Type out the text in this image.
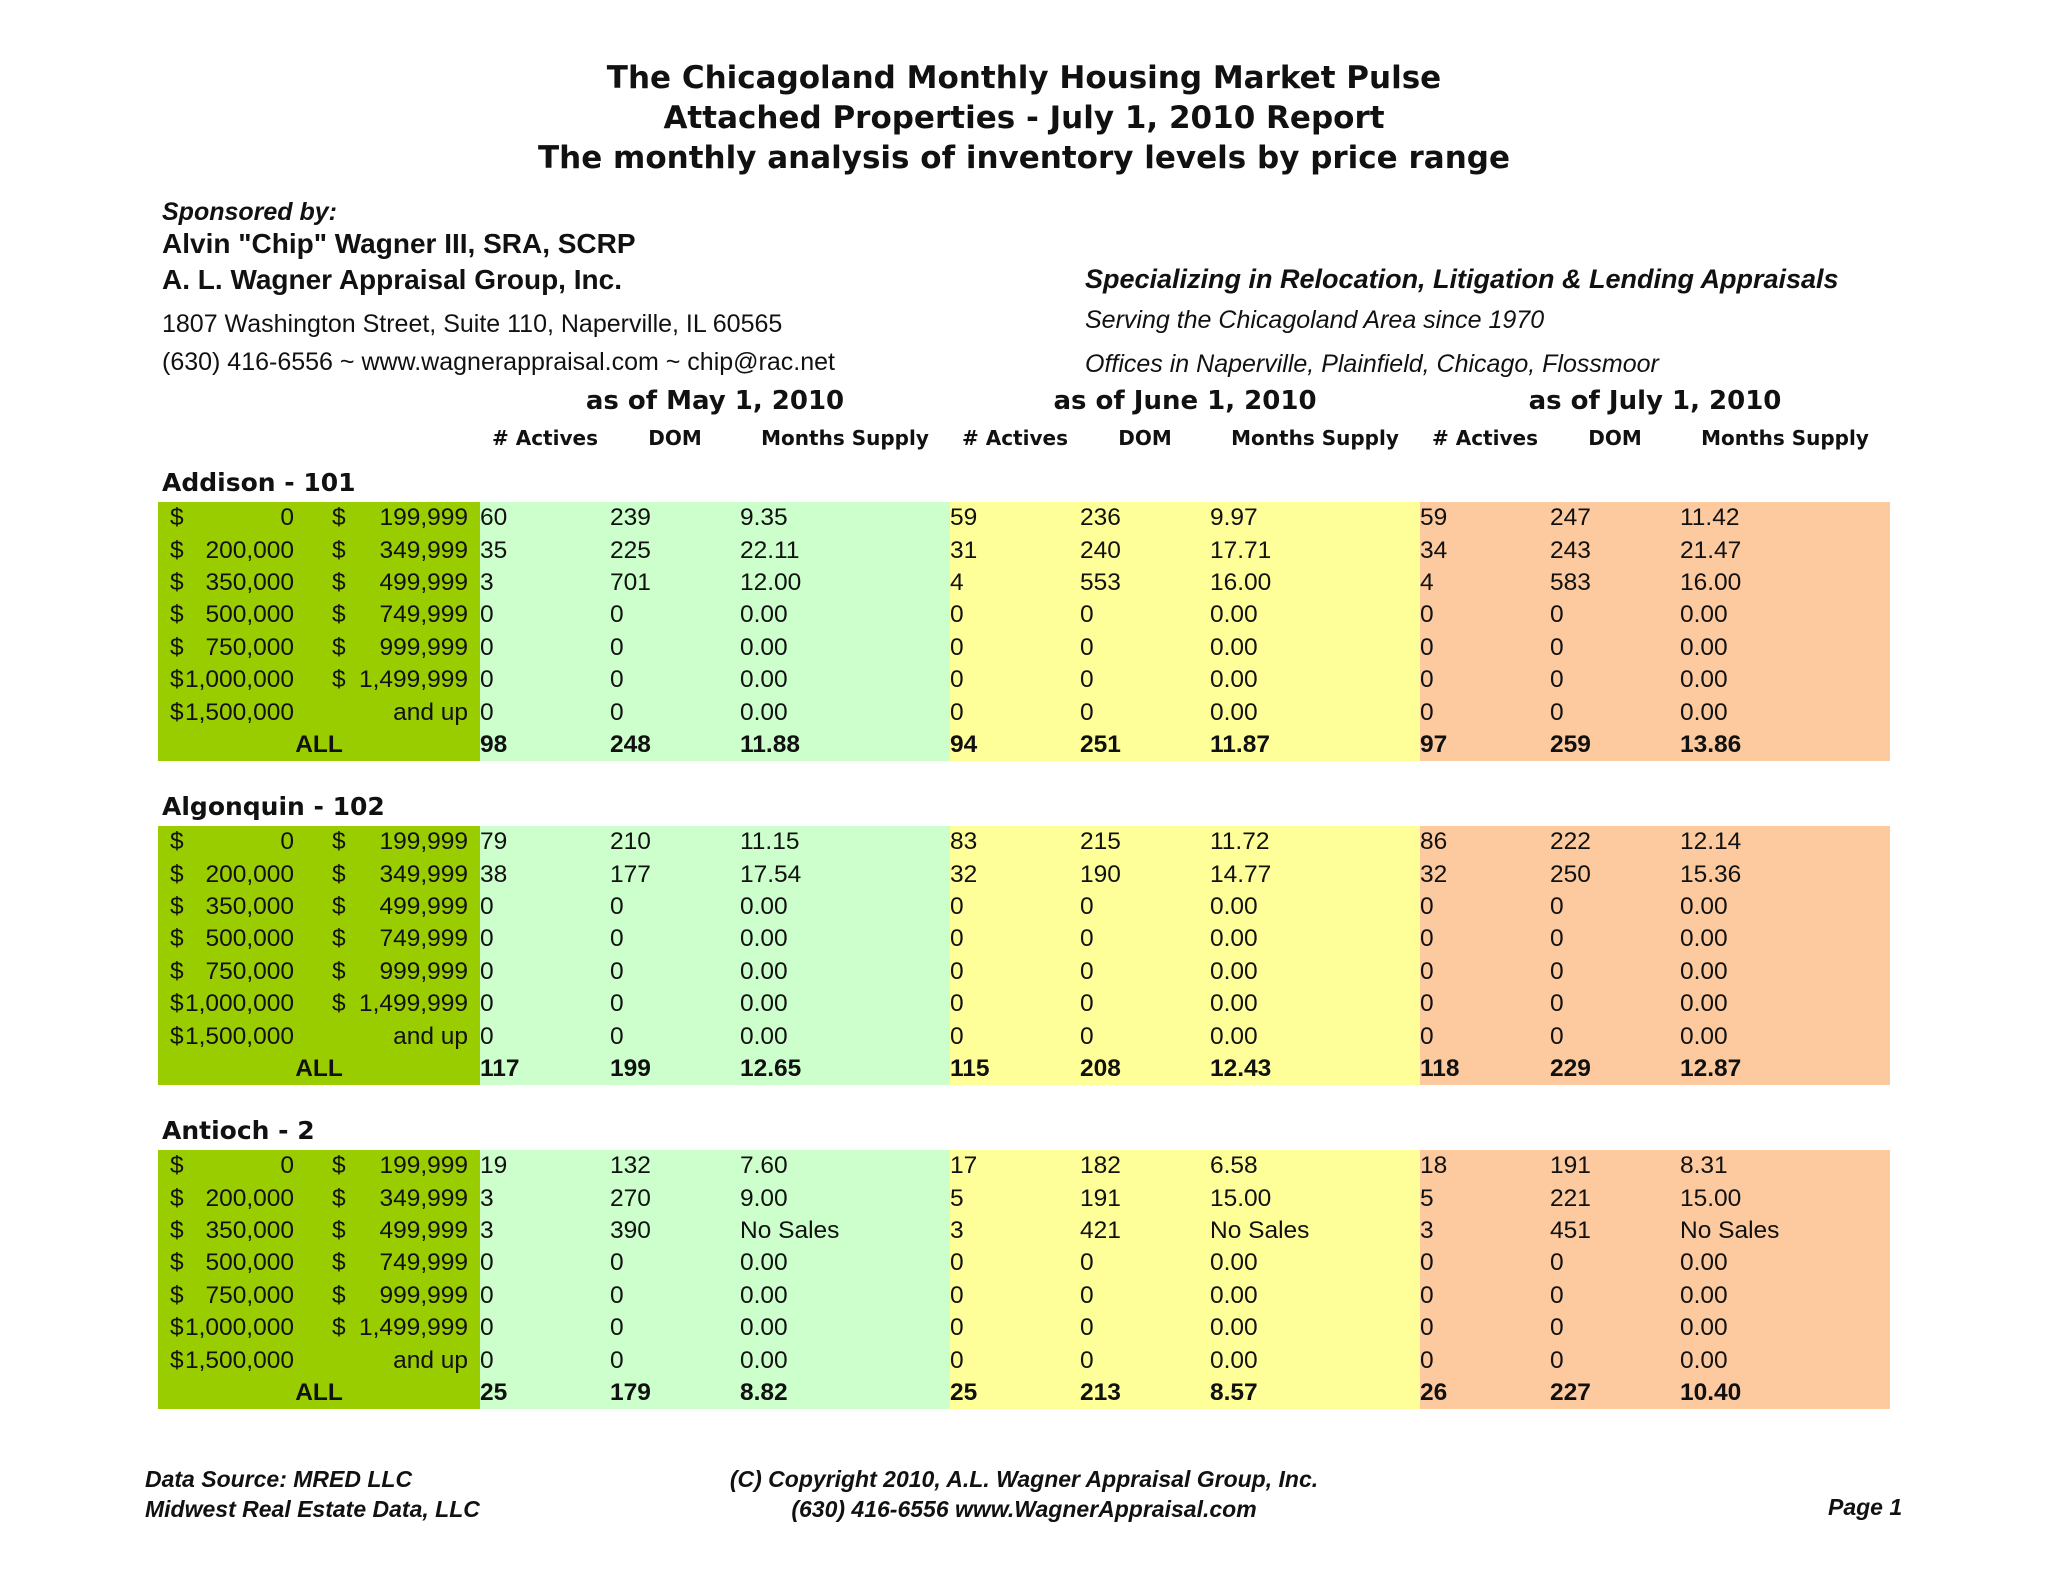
The Chicagoland Monthly Housing Market Pulse
Attached Properties - July 1, 2010 Report
The monthly analysis of inventory levels by price range
Sponsored by:
Alvin "Chip" Wagner III, SRA, SCRP
A. L. Wagner Appraisal Group, Inc.
1807 Washington Street, Suite 110, Naperville, IL 60565
(630) 416-6556 ~ www.wagnerappraisal.com ~ chip@rac.net
Specializing in Relocation, Litigation & Lending Appraisals
Serving the Chicagoland Area since 1970
Offices in Naperville, Plainfield, Chicago, Flossmoor
as of May 1, 2010	as of June 1, 2010	as of July 1, 2010
# Actives	DOM	Months Supply	# Actives	DOM	Months Supply	# Actives	DOM	Months Supply
Addison - 101
$	0 $ 199,999 60	239	9.35	59	236	9.97	59	247	11.42
$ 200,000 $ 349,999 35	225	22.11	31	240	17.71	34	243	21.47
$ 350,000 $ 499,999 3	701	12.00	4	553	16.00	4	583	16.00
$ 500,000 $ 749,999 0	0	0.00	0	0	0.00	0	0	0.00
$ 750,000 $ 999,999 0	0	0.00	0	0	0.00	0	0	0.00
$ 1,000,000 $ 1,499,999 0	0	0.00	0	0	0.00	0	0	0.00
$ 1,500,000	and up 0	0	0.00	0	0	0.00	0	0	0.00
ALL	98	248	11.88	94	251	11.87	97	259	13.86
Algonquin - 102
$	0 $ 199,999 79	210	11.15	83	215	11.72	86	222	12.14
$ 200,000 $ 349,999 38	177	17.54	32	190	14.77	32	250	15.36
$ 350,000 $ 499,999 0	0	0.00	0	0	0.00	0	0	0.00
$ 500,000 $ 749,999 0	0	0.00	0	0	0.00	0	0	0.00
$ 750,000 $ 999,999 0	0	0.00	0	0	0.00	0	0	0.00
$ 1,000,000 $ 1,499,999 0	0	0.00	0	0	0.00	0	0	0.00
$ 1,500,000	and up 0	0	0.00	0	0	0.00	0	0	0.00
ALL	117	199	12.65	115	208	12.43	118	229	12.87
Antioch - 2
$	0 $ 199,999 19	132	7.60	17	182	6.58	18	191	8.31
$ 200,000 $ 349,999 3	270	9.00	5	191	15.00	5	221	15.00
$ 350,000 $ 499,999 3	390	No Sales	3	421	No Sales	3	451	No Sales
$ 500,000 $ 749,999 0	0	0.00	0	0	0.00	0	0	0.00
$ 750,000 $ 999,999 0	0	0.00	0	0	0.00	0	0	0.00
$ 1,000,000 $ 1,499,999 0	0	0.00	0	0	0.00	0	0	0.00
$ 1,500,000	and up 0	0	0.00	0	0	0.00	0	0	0.00
ALL	25	179	8.82	25	213	8.57	26	227	10.40
Data Source: MRED LLC
Midwest Real Estate Data, LLC
(C) Copyright 2010, A.L. Wagner Appraisal Group, Inc.
(630) 416-6556 www.WagnerAppraisal.com	Page 1
